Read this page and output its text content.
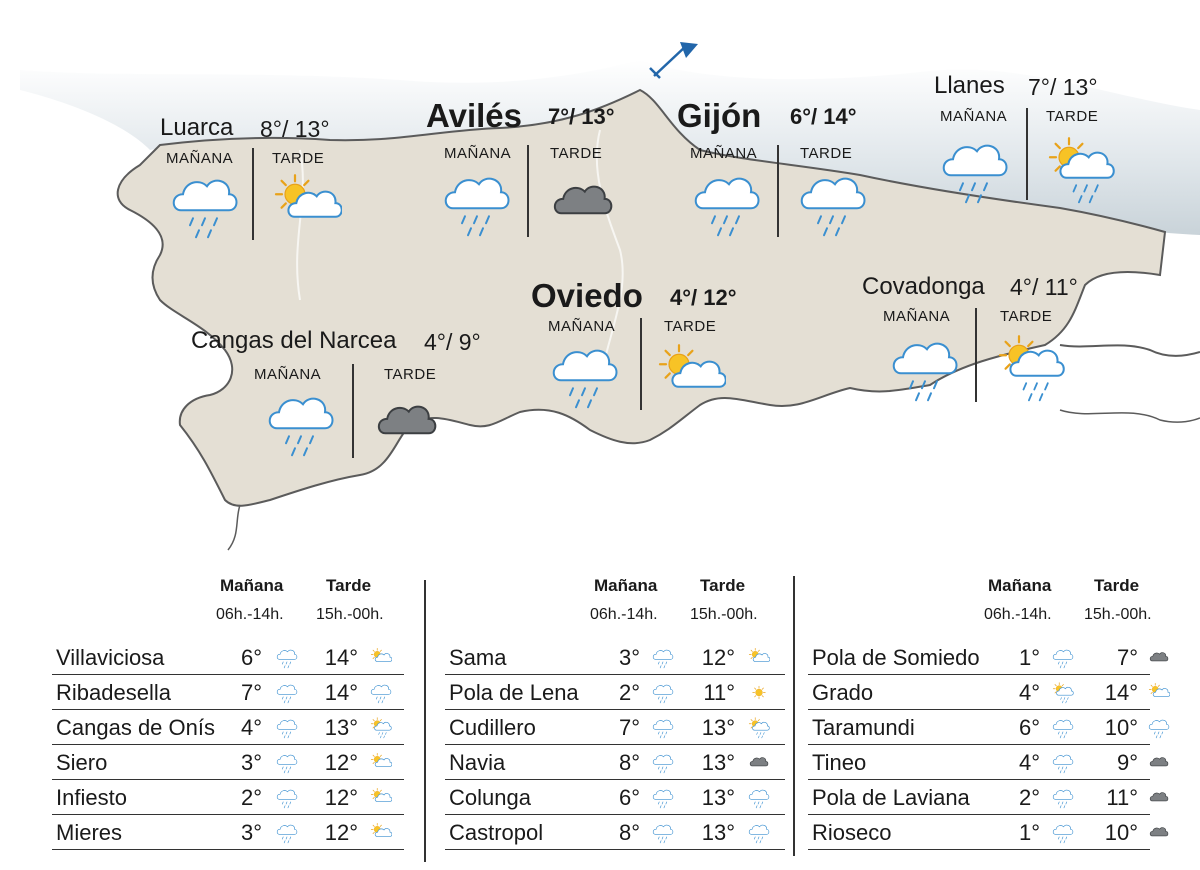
Luarca 8°/ 13°
MAÑANA	TARDE
Avilés 7°/ 13°
MAÑANA	TARDE
Gijón 6°/ 14°
MAÑANA	TARDE
Llanes 7°/ 13°
MAÑANA	TARDE
Oviedo 4°/ 12°
MAÑANA	TARDE
Covadonga 4°/ 11°
MAÑANA	TARDE
Cangas del Narcea 4°/ 9°
MAÑANA	TARDE
Mañana	Tarde
06h.-14h. 15h.-00h.
Villaviciosa	6°	14°
Ribadesella	7°	14°
Cangas de Onís 4°	13°
Siero	3°	12°
Infiesto	2°	12°
Mieres	3°	12°
Mañana	Tarde
06h.-14h. 15h.-00h.
Sama	3°	12°
Pola de Lena 2°	11°
Cudillero	7°	13°
Navia	8°	13°
Colunga	6°	13°
Castropol	8°	13°
Mañana	Tarde
06h.-14h. 15h.-00h.
Pola de Somiedo 1°	7°
Grado	4°	14°
Taramundi	6°	10°
Tineo	4°	9°
Pola de Laviana 2°	11°
Rioseco	1°	10°
